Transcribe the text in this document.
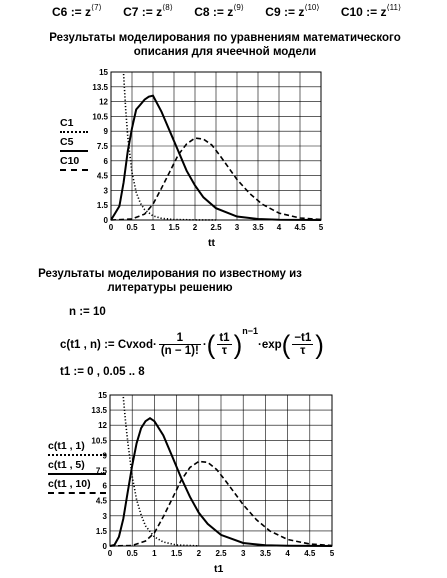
C6 := $z^{⟨7⟩}$ C7 := $z^{⟨8⟩}$ C8 := $z^{⟨9⟩}$ C9 := $z^{⟨10⟩}$ C10 := $z^{⟨11⟩}$
Результаты моделирования по уравнениям математического
описания для ячеечной модели
C1
C5
C10
0 0.5 1 1.5 2 2.5 3 3.5 4 4.5 5
0
1.5
3
4.5
6
7.5
9
10.5
12
13.5
15
tt
Результаты моделирования по известному из
литературы решению
n := 10
c(t1 , n) := Cvxod· $\frac{1}{(n - 1)!}$ ·( $\frac{t1}{\tau} )^{n-1}\cdot\exp( \frac{-t1}{\tau}$ )
t1 := 0 , 0.05 .. 8
c(t1 , 1)
c(t1 , 5)
c(t1 , 10)
0 0.5 1 1.5 2 2.5 3 3.5 4 4.5 5
0
1.5
3
4.5
6
7.5
9
10.5
12
13.5
15
t1
